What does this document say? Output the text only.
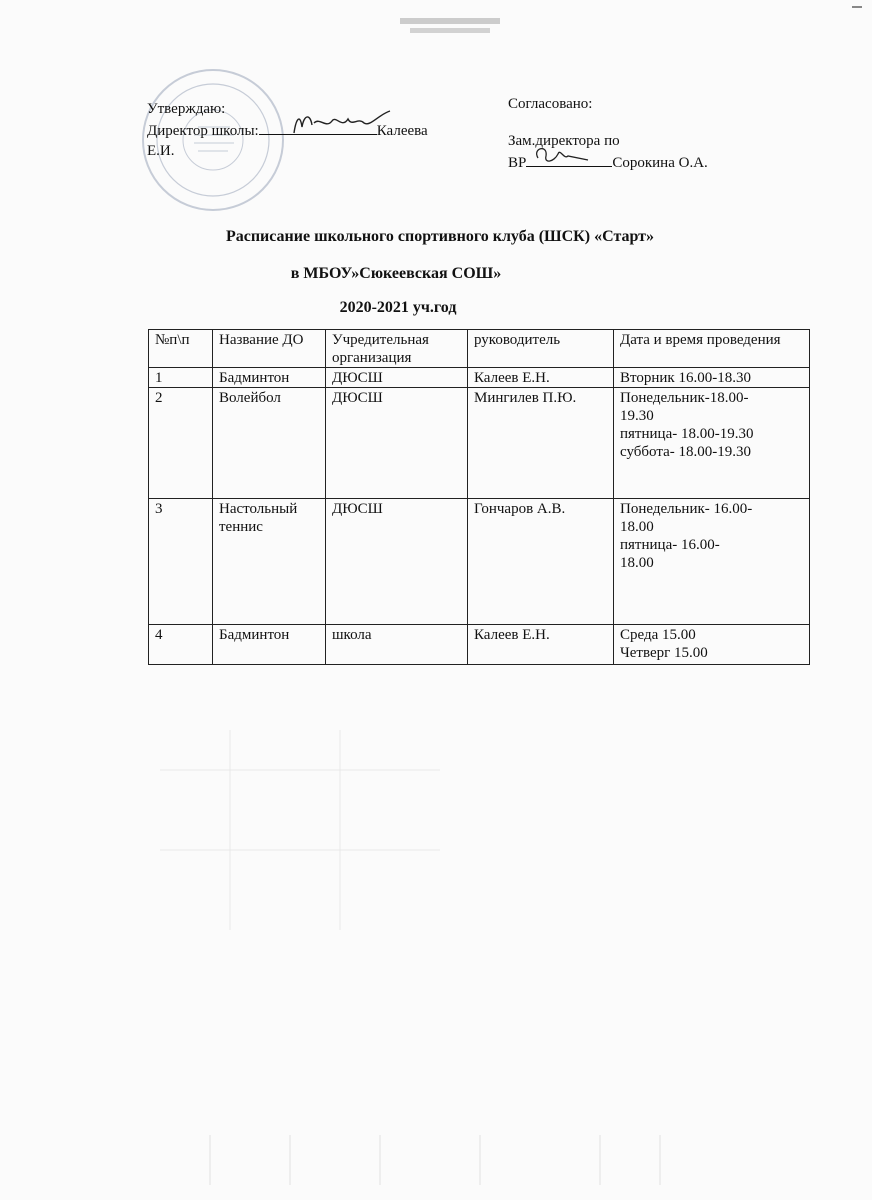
Утверждаю:
Директор школы:	Калеева
Е.И.
Согласовано:
Зам.директора по
ВР	Сорокина О.А.
Расписание школьного спортивного клуба (ШСК) «Старт»
в МБОУ»Сюкеевская СОШ»
2020-2021 уч.год
№п\п	Название ДО	Учредительная организация	руководитель	Дата и время проведения
1	Бадминтон	ДЮСШ	Калеев Е.Н.	Вторник 16.00-18.30

2	Волейбол	ДЮСШ	Мингилев П.Ю.	Понедельник-18.00-
19.30
пятница- 18.00-19.30
суббота- 18.00-19.30

3	Настольный теннис	ДЮСШ	Гончаров А.В.	Понедельник- 16.00-
18.00
пятница- 16.00-
18.00

4	Бадминтон	школа	Калеев Е.Н.	Среда 15.00
Четверг 15.00
